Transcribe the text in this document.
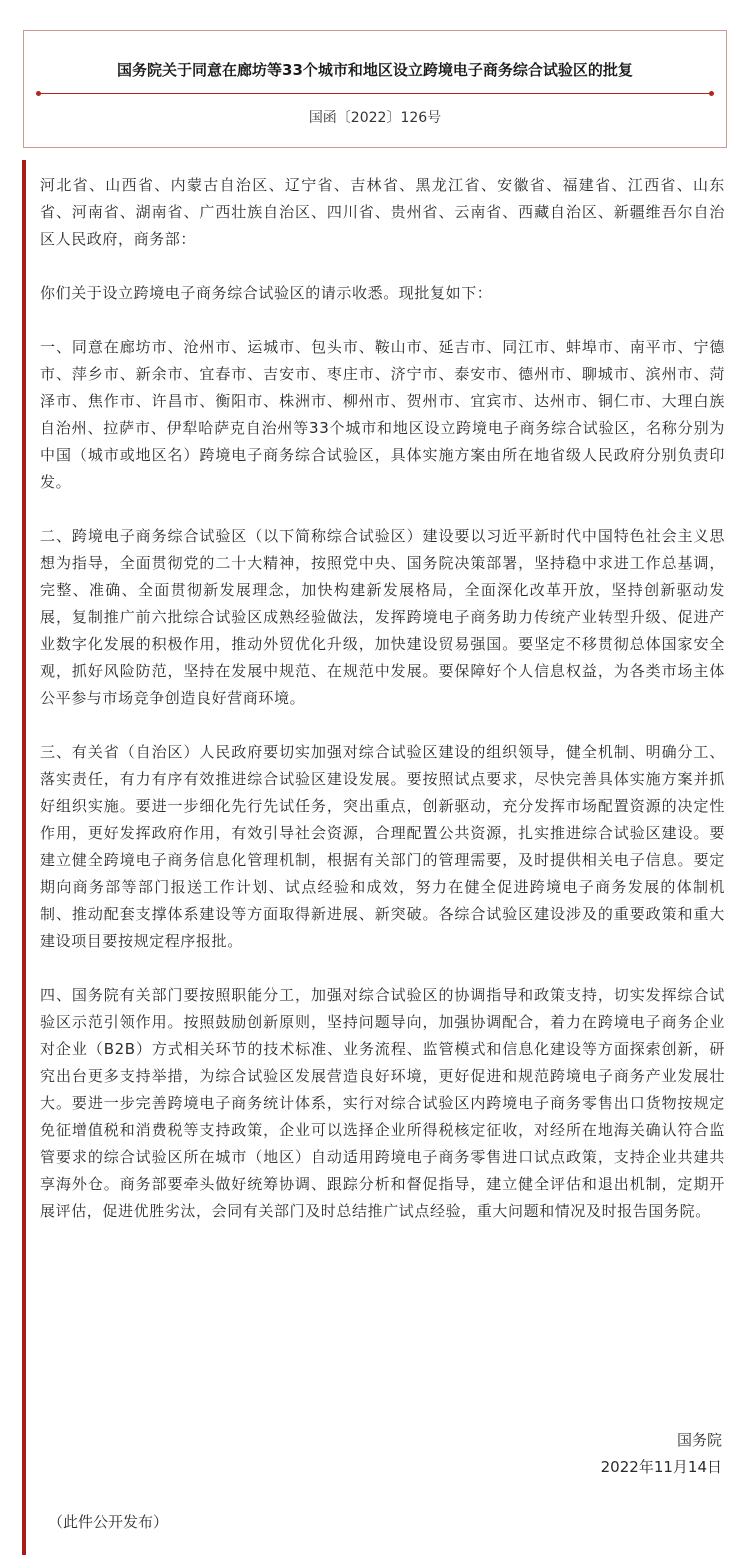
国务院关于同意在廊坊等33个城市和地区设立跨境电子商务综合试验区的批复
国函〔2022〕126号

河北省、山西省、内蒙古自治区、辽宁省、吉林省、黑龙江省、安徽省、福建省、江西省、山东省、河南省、湖南省、广西壮族自治区、四川省、贵州省、云南省、西藏自治区、新疆维吾尔自治区人民政府，商务部：

你们关于设立跨境电子商务综合试验区的请示收悉。现批复如下：

一、同意在廊坊市、沧州市、运城市、包头市、鞍山市、延吉市、同江市、蚌埠市、南平市、宁德市、萍乡市、新余市、宜春市、吉安市、枣庄市、济宁市、泰安市、德州市、聊城市、滨州市、菏泽市、焦作市、许昌市、衡阳市、株洲市、柳州市、贺州市、宜宾市、达州市、铜仁市、大理白族自治州、拉萨市、伊犁哈萨克自治州等33个城市和地区设立跨境电子商务综合试验区，名称分别为中国（城市或地区名）跨境电子商务综合试验区，具体实施方案由所在地省级人民政府分别负责印发。

二、跨境电子商务综合试验区（以下简称综合试验区）建设要以习近平新时代中国特色社会主义思想为指导，全面贯彻党的二十大精神，按照党中央、国务院决策部署，坚持稳中求进工作总基调，完整、准确、全面贯彻新发展理念，加快构建新发展格局，全面深化改革开放，坚持创新驱动发展，复制推广前六批综合试验区成熟经验做法，发挥跨境电子商务助力传统产业转型升级、促进产业数字化发展的积极作用，推动外贸优化升级，加快建设贸易强国。要坚定不移贯彻总体国家安全观，抓好风险防范，坚持在发展中规范、在规范中发展。要保障好个人信息权益，为各类市场主体公平参与市场竞争创造良好营商环境。

三、有关省（自治区）人民政府要切实加强对综合试验区建设的组织领导，健全机制、明确分工、落实责任，有力有序有效推进综合试验区建设发展。要按照试点要求，尽快完善具体实施方案并抓好组织实施。要进一步细化先行先试任务，突出重点，创新驱动，充分发挥市场配置资源的决定性作用，更好发挥政府作用，有效引导社会资源，合理配置公共资源，扎实推进综合试验区建设。要建立健全跨境电子商务信息化管理机制，根据有关部门的管理需要，及时提供相关电子信息。要定期向商务部等部门报送工作计划、试点经验和成效，努力在健全促进跨境电子商务发展的体制机制、推动配套支撑体系建设等方面取得新进展、新突破。各综合试验区建设涉及的重要政策和重大建设项目要按规定程序报批。

四、国务院有关部门要按照职能分工，加强对综合试验区的协调指导和政策支持，切实发挥综合试验区示范引领作用。按照鼓励创新原则，坚持问题导向，加强协调配合，着力在跨境电子商务企业对企业（B2B）方式相关环节的技术标准、业务流程、监管模式和信息化建设等方面探索创新，研究出台更多支持举措，为综合试验区发展营造良好环境，更好促进和规范跨境电子商务产业发展壮大。要进一步完善跨境电子商务统计体系，实行对综合试验区内跨境电子商务零售出口货物按规定免征增值税和消费税等支持政策，企业可以选择企业所得税核定征收，对经所在地海关确认符合监管要求的综合试验区所在城市（地区）自动适用跨境电子商务零售进口试点政策，支持企业共建共享海外仓。商务部要牵头做好统筹协调、跟踪分析和督促指导，建立健全评估和退出机制，定期开展评估，促进优胜劣汰，会同有关部门及时总结推广试点经验，重大问题和情况及时报告国务院。

国务院
2022年11月14日
（此件公开发布）
